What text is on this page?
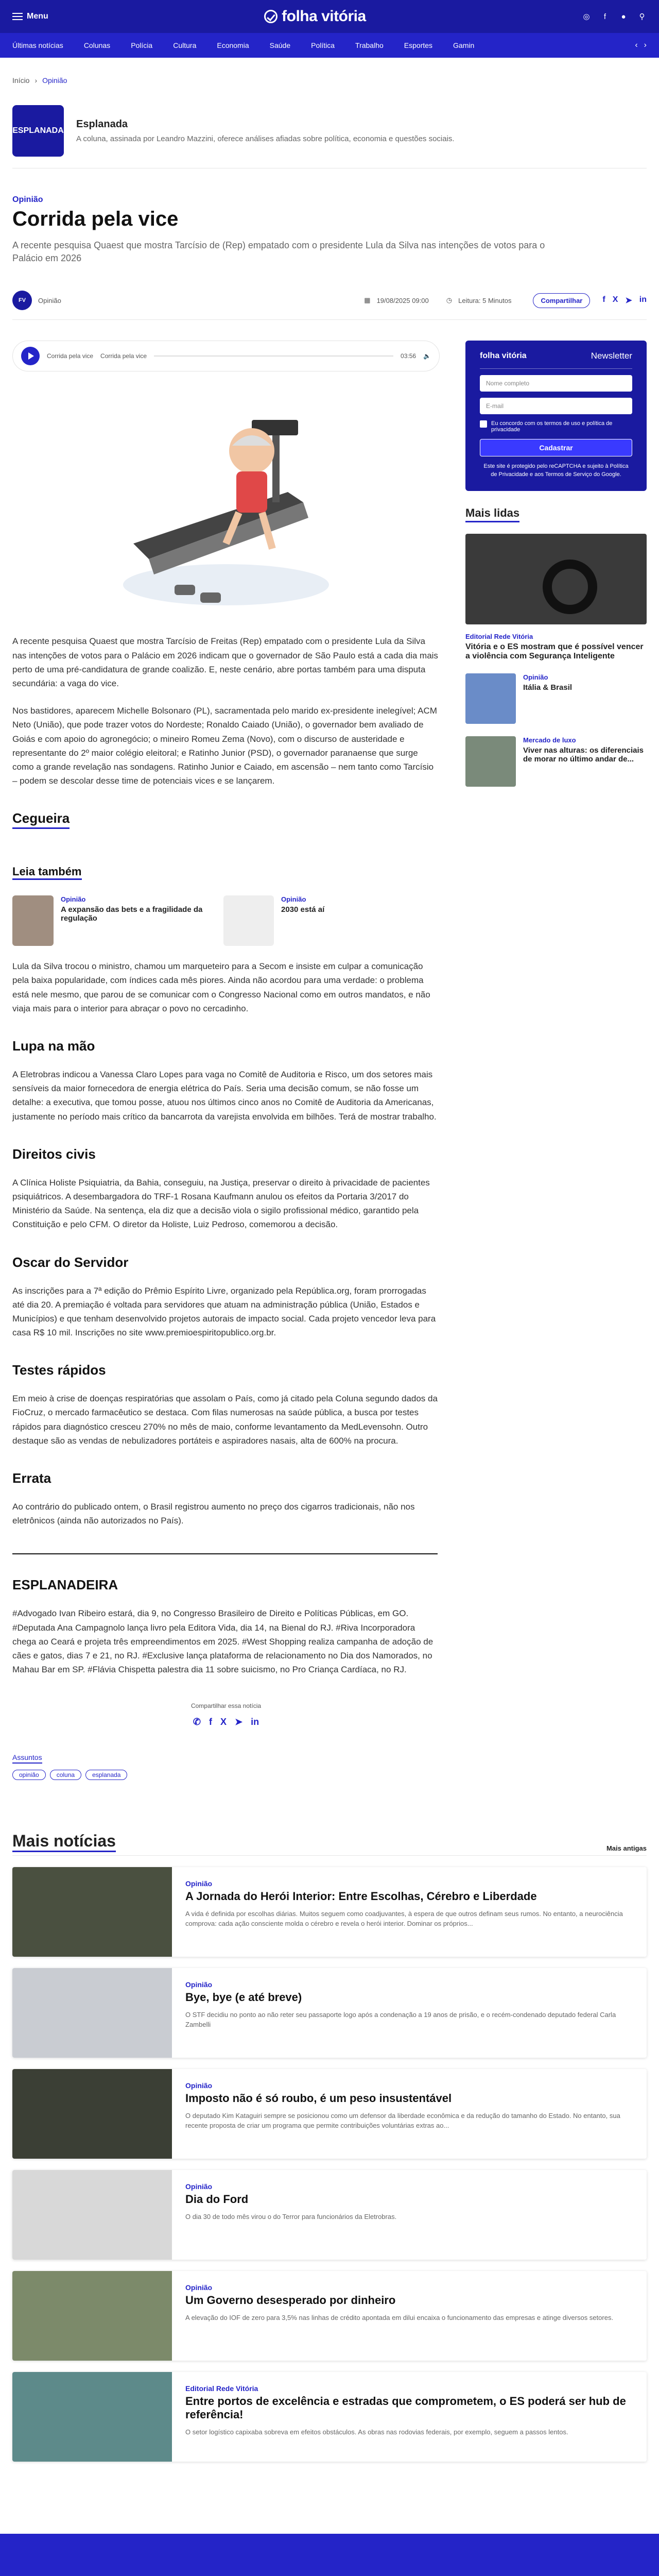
Menu	folha vitória	◎	f	● ⚲
Últimas notícias	Colunas	Polícia	Cultura	Economia	Saúde	Política	Trabalho	Esportes	Gamin	‹ ›
Início › Opinião
ESPLANADA
Esplanada

A coluna, assinada por Leandro Mazzini, oferece análises afiadas sobre política, economia e questões sociais.

Opinião
Corrida pela vice

A recente pesquisa Quaest que mostra Tarcísio de (Rep) empatado com o presidente Lula da Silva nas intenções de votos para o Palácio em 2026

FV	Opinião	▦ 19/08/2025 09:00	◷ Leitura: 5 Minutos	Compartilhar	f X ➤ in
Corrida pela vice Corrida pela vice	03:56 🔈

A recente pesquisa Quaest que mostra Tarcísio de Freitas (Rep) empatado com o presidente Lula da Silva nas intenções de votos para o Palácio em 2026 indicam que o governador de São Paulo está a cada dia mais perto de uma pré-candidatura de grande coalizão. E, neste cenário, abre portas também para uma disputa secundária: a vaga do vice.

Nos bastidores, aparecem Michelle Bolsonaro (PL), sacramentada pelo marido ex-presidente inelegível; ACM Neto (União), que pode trazer votos do Nordeste; Ronaldo Caiado (União), o governador bem avaliado de Goiás e com apoio do agronegócio; o mineiro Romeu Zema (Novo), com o discurso de austeridade e representante do 2º maior colégio eleitoral; e Ratinho Junior (PSD), o governador paranaense que surge como a grande revelação nas sondagens. Ratinho Junior e Caiado, em ascensão – nem tanto como Tarcísio – podem se descolar desse time de potenciais vices e se lançarem.

Cegueira
Leia também
Opinião
A expansão das bets e a fragilidade da regulação
Opinião
2030 está aí

Lula da Silva trocou o ministro, chamou um marqueteiro para a Secom e insiste em culpar a comunicação pela baixa popularidade, com índices cada mês piores. Ainda não acordou para uma verdade: o problema está nele mesmo, que parou de se comunicar com o Congresso Nacional como em outros mandatos, e não viaja mais para o interior para abraçar o povo no cercadinho.

Lupa na mão

A Eletrobras indicou a Vanessa Claro Lopes para vaga no Comitê de Auditoria e Risco, um dos setores mais sensíveis da maior fornecedora de energia elétrica do País. Seria uma decisão comum, se não fosse um detalhe: a executiva, que tomou posse, atuou nos últimos cinco anos no Comitê de Auditoria da Americanas, justamente no período mais crítico da bancarrota da varejista envolvida em bilhões. Terá de mostrar trabalho.

Direitos civis

A Clínica Holiste Psiquiatria, da Bahia, conseguiu, na Justiça, preservar o direito à privacidade de pacientes psiquiátricos. A desembargadora do TRF-1 Rosana Kaufmann anulou os efeitos da Portaria 3/2017 do Ministério da Saúde. Na sentença, ela diz que a decisão viola o sigilo profissional médico, garantido pela Constituição e pelo CFM. O diretor da Holiste, Luiz Pedroso, comemorou a decisão.

Oscar do Servidor

As inscrições para a 7ª edição do Prêmio Espírito Livre, organizado pela República.org, foram prorrogadas até dia 20. A premiação é voltada para servidores que atuam na administração pública (União, Estados e Municípios) e que tenham desenvolvido projetos autorais de impacto social. Cada projeto vencedor leva para casa R$ 10 mil. Inscrições no site www.premioespiritopublico.org.br.

Testes rápidos

Em meio à crise de doenças respiratórias que assolam o País, como já citado pela Coluna segundo dados da FioCruz, o mercado farmacêutico se destaca. Com filas numerosas na saúde pública, a busca por testes rápidos para diagnóstico cresceu 270% no mês de maio, conforme levantamento da MedLevensohn. Outro destaque são as vendas de nebulizadores portáteis e aspiradores nasais, alta de 600% na procura.

Errata

Ao contrário do publicado ontem, o Brasil registrou aumento no preço dos cigarros tradicionais, não nos eletrônicos (ainda não autorizados no País).

ESPLANADEIRA

#Advogado Ivan Ribeiro estará, dia 9, no Congresso Brasileiro de Direito e Políticas Públicas, em GO. #Deputada Ana Campagnolo lança livro pela Editora Vida, dia 14, na Bienal do RJ. #Riva Incorporadora chega ao Ceará e projeta três empreendimentos em 2025. #West Shopping realiza campanha de adoção de cães e gatos, dias 7 e 21, no RJ. #Exclusive lança plataforma de relacionamento no Dia dos Namorados, no Mahau Bar em SP. #Flávia Chispetta palestra dia 11 sobre suicismo, no Pro Criança Cardíaca, no RJ.

Compartilhar essa notícia
✆ f X ➤ in
folha vitória	Newsletter
Nome completo
E-mail
Eu concordo com os termos de uso e política de privacidade
Cadastrar
Este site é protegido pelo reCAPTCHA e sujeito à Política de Privacidade e aos Termos de Serviço do Google.
Mais lidas
Editorial Rede Vitória
Vitória e o ES mostram que é possível vencer a violência com Segurança Inteligente
Opinião
Itália & Brasil
Mercado de luxo
Viver nas alturas: os diferenciais de morar no último andar de...
Assuntos
opinião	coluna	esplanada
Mais notícias	Mais antigas
Opinião
A Jornada do Herói Interior: Entre Escolhas, Cérebro e Liberdade

A vida é definida por escolhas diárias. Muitos seguem como coadjuvantes, à espera de que outros definam seus rumos. No entanto, a neurociência comprova: cada ação consciente molda o cérebro e revela o herói interior. Dominar os próprios...

Opinião
Bye, bye (e até breve)

O STF decidiu no ponto ao não reter seu passaporte logo após a condenação a 19 anos de prisão, e o recém-condenado deputado federal Carla Zambelli

Opinião
Imposto não é só roubo, é um peso insustentável

O deputado Kim Kataguiri sempre se posicionou como um defensor da liberdade econômica e da redução do tamanho do Estado. No entanto, sua recente proposta de criar um programa que permite contribuições voluntárias extras ao...

Opinião
Dia do Ford

O dia 30 de todo mês virou o do Terror para funcionários da Eletrobras.

Opinião
Um Governo desesperado por dinheiro

A elevação do IOF de zero para 3,5% nas linhas de crédito apontada em dilui encaixa o funcionamento das empresas e atinge diversos setores.

Editorial Rede Vitória
Entre portos de excelência e estradas que comprometem, o ES poderá ser hub de referência!

O setor logístico capixaba sobreva em efeitos obstáculos. As obras nas rodovias federais, por exemplo, seguem a passos lentos.
